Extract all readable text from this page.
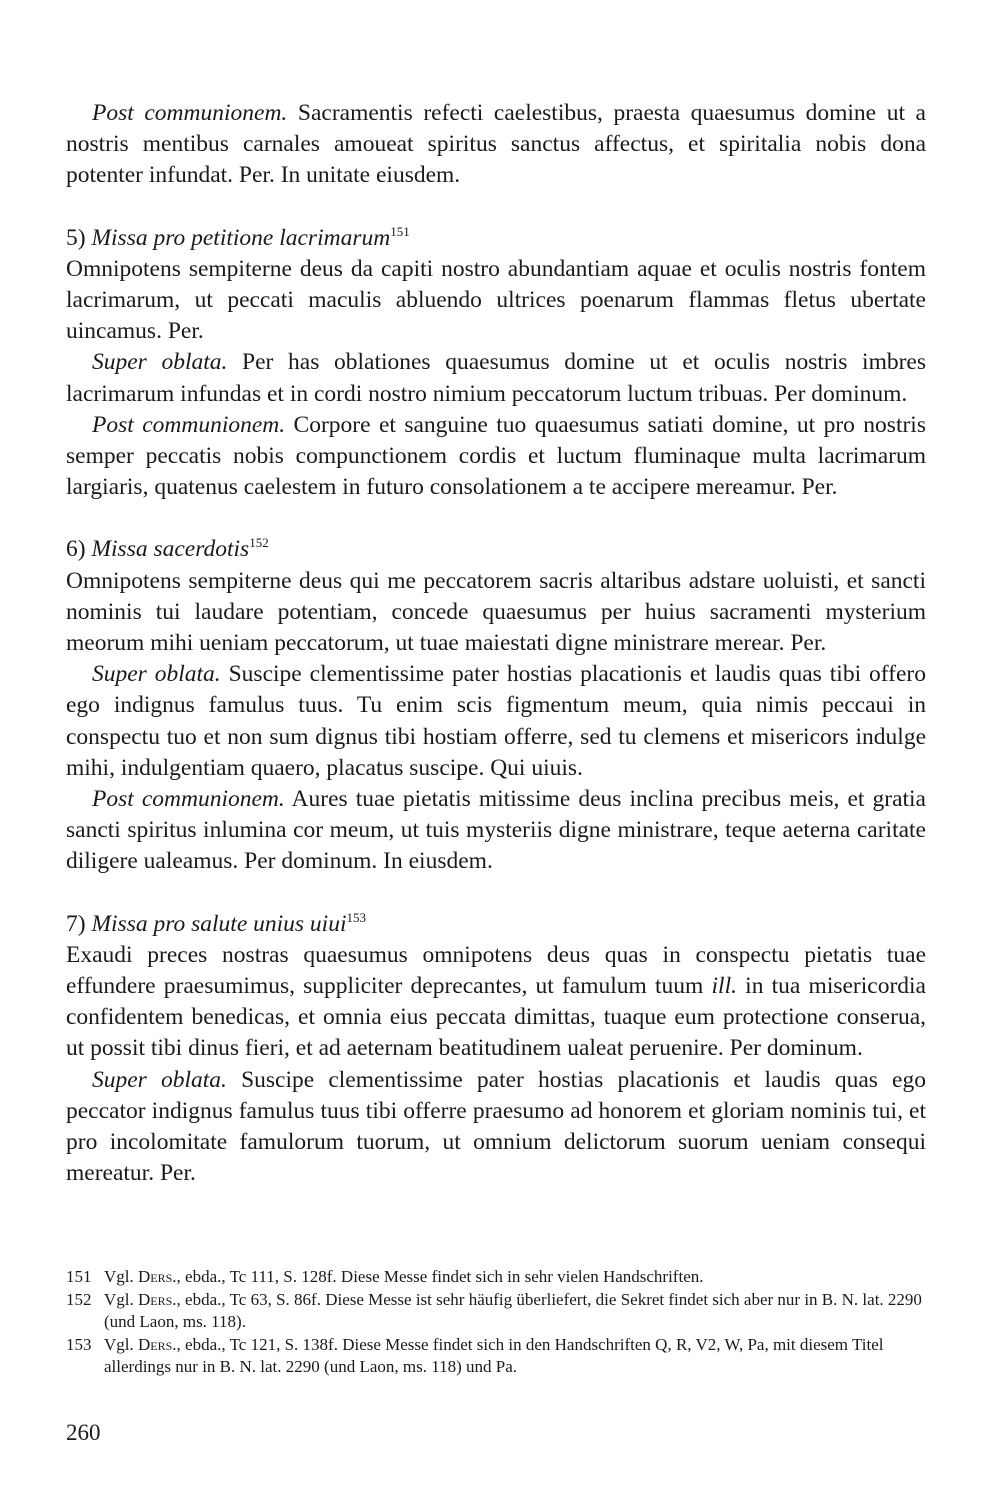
Post communionem. Sacramentis refecti caelestibus, praesta quaesumus domine ut a nostris mentibus carnales amoueat spiritus sanctus affectus, et spiritalia nobis dona potenter infundat. Per. In unitate eiusdem.

5) Missa pro petitione lacrimarum$^{151}$

Omnipotens sempiterne deus da capiti nostro abundantiam aquae et oculis nostris fontem lacrimarum, ut peccati maculis abluendo ultrices poenarum flammas fletus ubertate uincamus. Per.

Super oblata. Per has oblationes quaesumus domine ut et oculis nostris imbres lacrimarum infundas et in cordi nostro nimium peccatorum luctum tribuas. Per dominum.

Post communionem. Corpore et sanguine tuo quaesumus satiati domine, ut pro nostris semper peccatis nobis compunctionem cordis et luctum fluminaque multa lacrimarum largiaris, quatenus caelestem in futuro consolationem a te accipere mereamur. Per.

6) Missa sacerdotis$^{152}$

Omnipotens sempiterne deus qui me peccatorem sacris altaribus adstare uoluisti, et sancti nominis tui laudare potentiam, concede quaesumus per huius sacramenti mysterium meorum mihi ueniam peccatorum, ut tuae maiestati digne ministrare merear. Per.

Super oblata. Suscipe clementissime pater hostias placationis et laudis quas tibi offero ego indignus famulus tuus. Tu enim scis figmentum meum, quia nimis peccaui in conspectu tuo et non sum dignus tibi hostiam offerre, sed tu clemens et misericors indulge mihi, indulgentiam quaero, placatus suscipe. Qui uiuis.

Post communionem. Aures tuae pietatis mitissime deus inclina precibus meis, et gratia sancti spiritus inlumina cor meum, ut tuis mysteriis digne ministrare, teque aeterna caritate diligere ualeamus. Per dominum. In eiusdem.

7) Missa pro salute unius uiui$^{153}$

Exaudi preces nostras quaesumus omnipotens deus quas in conspectu pietatis tuae effundere praesumimus, suppliciter deprecantes, ut famulum tuum ill. in tua misericordia confidentem benedicas, et omnia eius peccata dimittas, tuaque eum protectione conserua, ut possit tibi dinus fieri, et ad aeternam beatitudinem ualeat peruenire. Per dominum.

Super oblata. Suscipe clementissime pater hostias placationis et laudis quas ego peccator indignus famulus tuus tibi offerre praesumo ad honorem et gloriam nominis tui, et pro incolomitate famulorum tuorum, ut omnium delictorum suorum ueniam consequi mereatur. Per.

151 Vgl. Ders., ebda., Tc 111, S. 128f. Diese Messe findet sich in sehr vielen Handschriften.
152 Vgl. Ders., ebda., Tc 63, S. 86f. Diese Messe ist sehr häufig überliefert, die Sekret findet sich aber nur in B. N. lat. 2290 (und Laon, ms. 118).
153 Vgl. Ders., ebda., Tc 121, S. 138f. Diese Messe findet sich in den Handschriften Q, R, V2, W, Pa, mit diesem Titel allerdings nur in B. N. lat. 2290 (und Laon, ms. 118) und Pa.
260
